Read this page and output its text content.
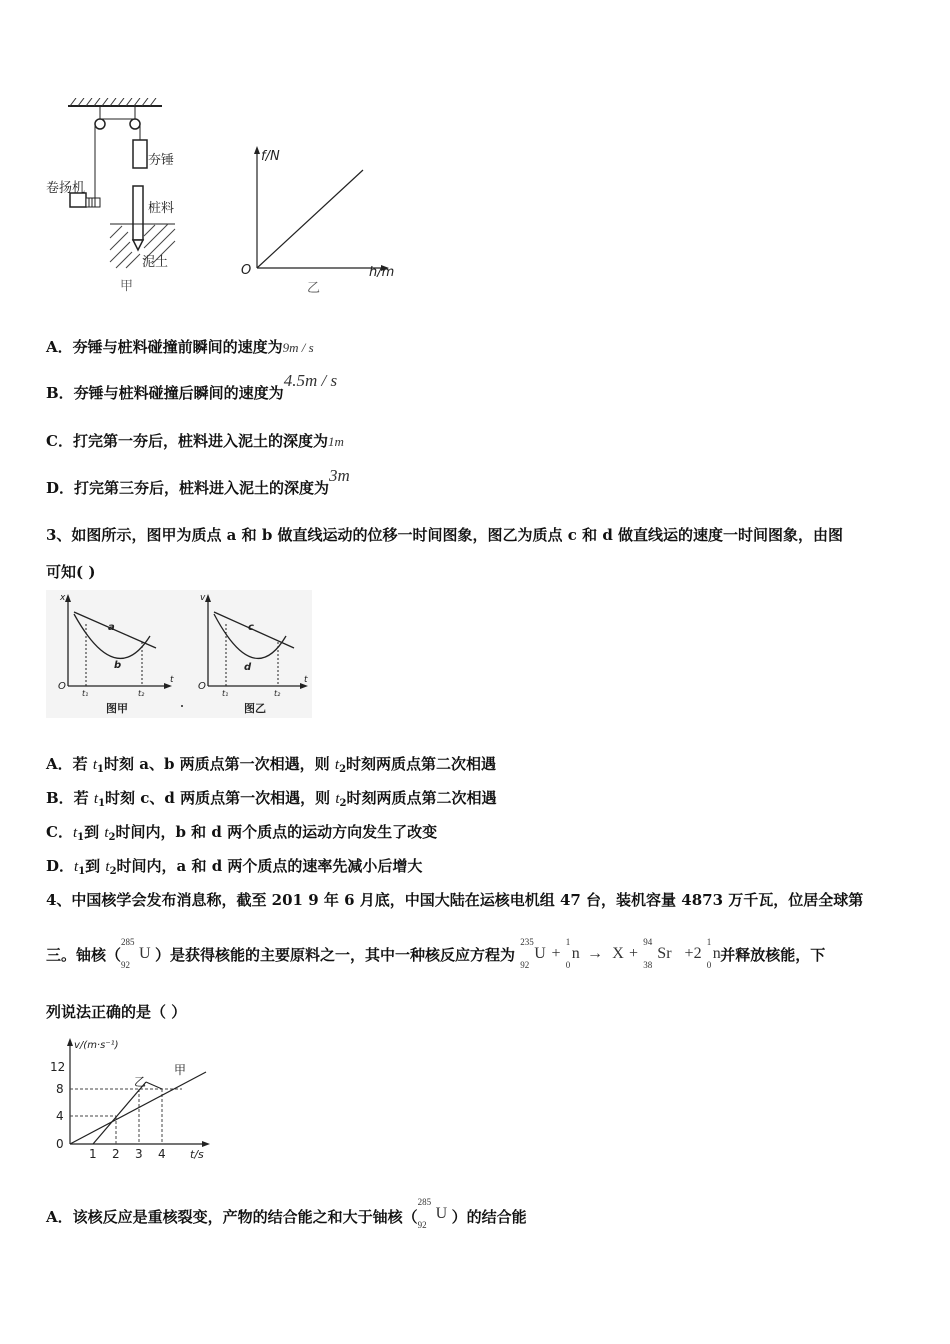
夯锤
卷扬机
桩料
泥土
甲
f/N
h/m
O
乙
A．夯锤与桩料碰撞前瞬间的速度为9m / s
B．夯锤与桩料碰撞后瞬间的速度为4.5m / s
C．打完第一夯后，桩料进入泥土的深度为1m
D．打完第三夯后，桩料进入泥土的深度为3m
3、如图所示，图甲为质点 a 和 b 做直线运动的位移一时间图象，图乙为质点 c 和 d 做直线运的速度一时间图象，由图
可知( )
x
a
b
O
t
t₁	t₂
图甲
v
c
d
O
t
t₁	t₂
图乙
A．若 $t_1$时刻 a、b 两质点第一次相遇，则 $t_2$时刻两质点第二次相遇
B．若 $t_1$时刻 c、d 两质点第一次相遇，则 $t_2$时刻两质点第二次相遇
C．$t_1$到 $t_2$时间内，b 和 d 两个质点的运动方向发生了改变
D．$t_1$到 $t_2$时间内，a 和 d 两个质点的速率先减小后增大
4、中国核学会发布消息称，截至 201 9 年 6 月底，中国大陆在运核电机组 47 台，装机容量 4873 万千瓦，位居全球第
三。铀核（
285
92
U ）是获得核能的主要原料之一，其中一种核反应方程为
235
92
U +
1
0
n → X +
94
38
Sr +2
1
0
n并释放核能，下
列说法正确的是（ ）
v/(m·s⁻¹)
t/s
12
8
4
0
1 2 3 4
甲
乙
A．该核反应是重核裂变，产物的结合能之和大于铀核（
285
92
U ）的结合能
